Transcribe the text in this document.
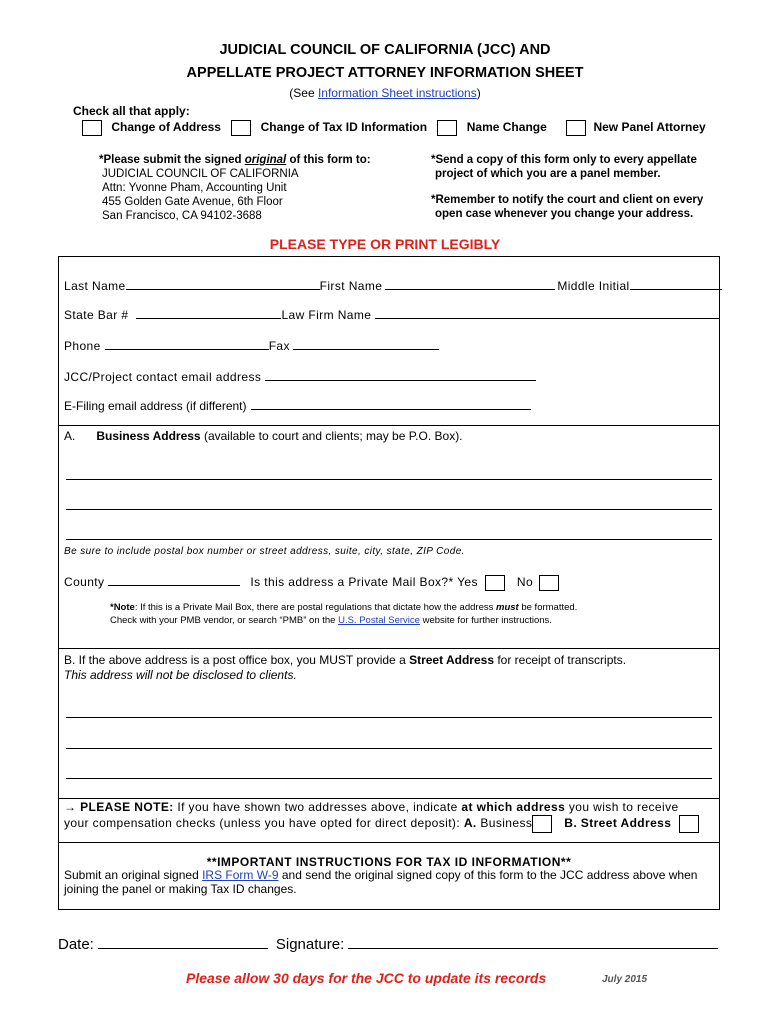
JUDICIAL COUNCIL OF CALIFORNIA (JCC) AND
APPELLATE PROJECT ATTORNEY INFORMATION SHEET
(See Information Sheet instructions)
Check all that apply:
Change of Address	Change of Tax ID Information	Name Change	New Panel Attorney
*Please submit the signed original of this form to:
JUDICIAL COUNCIL OF CALIFORNIA
Attn: Yvonne Pham, Accounting Unit
455 Golden Gate Avenue, 6th Floor
San Francisco, CA 94102-3688
*Send a copy of this form only to every appellate
project of which you are a panel member.
*Remember to notify the court and client on every
open case whenever you change your address.
PLEASE TYPE OR PRINT LEGIBLY
Last Name	First Name	Middle Initial
State Bar #	Law Firm Name
Phone	Fax
JCC/Project contact email address
E-Filing email address (if different)
A. Business Address (available to court and clients; may be P.O. Box).
Be sure to include postal box number or street address, suite, city, state, ZIP Code.
County	Is this address a Private Mail Box?* Yes	No
*Note: If this is a Private Mail Box, there are postal regulations that dictate how the address must be formatted.
Check with your PMB vendor, or search “PMB” on the U.S. Postal Service website for further instructions.
B. If the above address is a post office box, you MUST provide a Street Address for receipt of transcripts.
This address will not be disclosed to clients.
→ PLEASE NOTE: If you have shown two addresses above, indicate at which address you wish to receive
your compensation checks (unless you have opted for direct deposit): A. Business	B. Street Address
**IMPORTANT INSTRUCTIONS FOR TAX ID INFORMATION**
Submit an original signed IRS Form W-9 and send the original signed copy of this form to the JCC address above when
joining the panel or making Tax ID changes.
Date:	Signature:
Please allow 30 days for the JCC to update its records	July 2015
